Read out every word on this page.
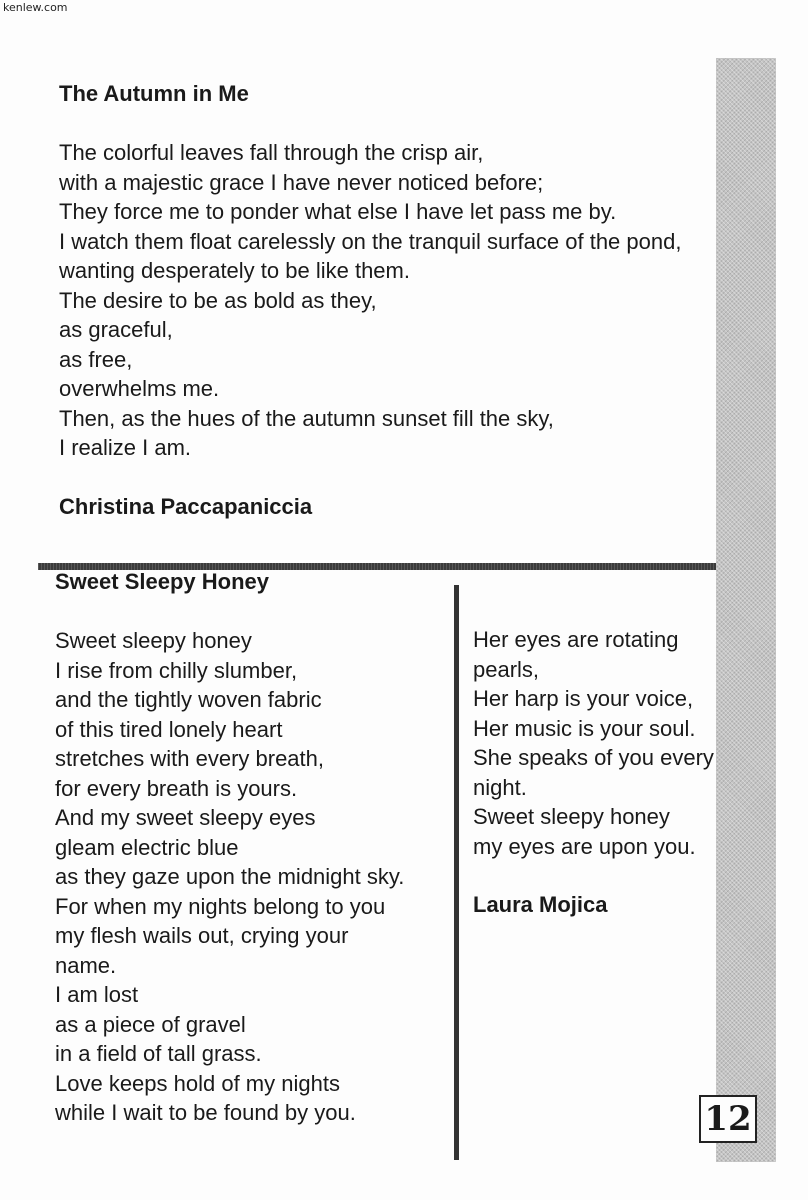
kenlew.com
The Autumn in Me
The colorful leaves fall through the crisp air,
with a majestic grace I have never noticed before;
They force me to ponder what else I have let pass me by.
I watch them float carelessly on the tranquil surface of the pond,
wanting desperately to be like them.
The desire to be as bold as they,
as graceful,
as free,
overwhelms me.
Then, as the hues of the autumn sunset fill the sky,
I realize I am.
Christina Paccapaniccia
Sweet Sleepy Honey
Sweet sleepy honey
I rise from chilly slumber,
and the tightly woven fabric
of this tired lonely heart
stretches with every breath,
for every breath is yours.
And my sweet sleepy eyes
gleam electric blue
as they gaze upon the midnight sky.
For when my nights belong to you
my flesh wails out, crying your
name.
I am lost
as a piece of gravel
in a field of tall grass.
Love keeps hold of my nights
while I wait to be found by you.
Her eyes are rotating
pearls,
Her harp is your voice,
Her music is your soul.
She speaks of you every
night.
Sweet sleepy honey
my eyes are upon you.
Laura Mojica
12
